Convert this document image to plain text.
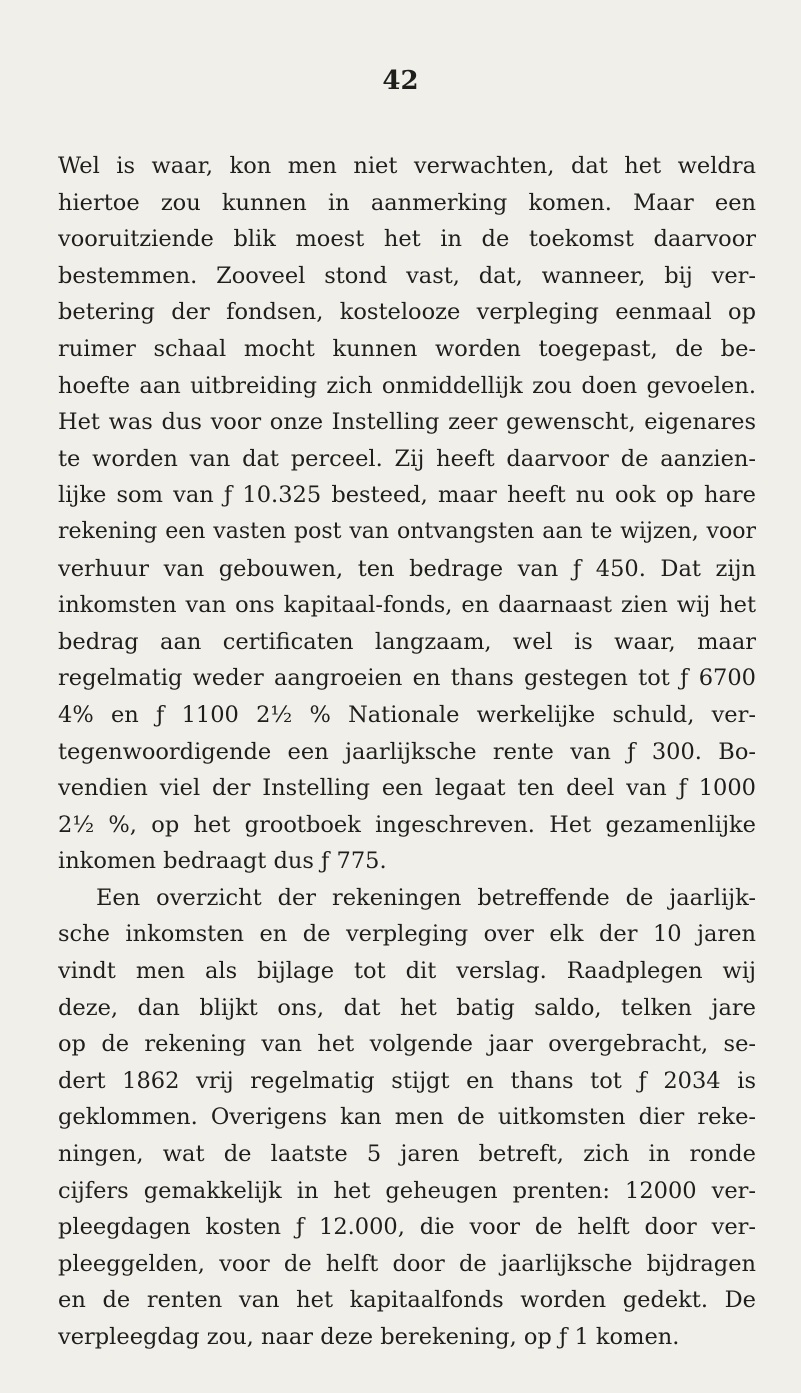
42
Wel is waar, kon men niet verwachten, dat het weldra
hiertoe zou kunnen in aanmerking komen. Maar een
vooruitziende blik moest het in de toekomst daarvoor
bestemmen. Zooveel stond vast, dat, wanneer, bij ver-
betering der fondsen, kostelooze verpleging eenmaal op
ruimer schaal mocht kunnen worden toegepast, de be-
hoefte aan uitbreiding zich onmiddellijk zou doen gevoelen.
Het was dus voor onze Instelling zeer gewenscht, eigenares
te worden van dat perceel. Zij heeft daarvoor de aanzien-
lijke som van ƒ 10.325 besteed, maar heeft nu ook op hare
rekening een vasten post van ontvangsten aan te wijzen, voor
verhuur van gebouwen, ten bedrage van ƒ 450. Dat zijn
inkomsten van ons kapitaal-fonds, en daarnaast zien wij het
bedrag aan certificaten langzaam, wel is waar, maar
regelmatig weder aangroeien en thans gestegen tot ƒ 6700
4% en ƒ 1100 2½ % Nationale werkelijke schuld, ver-
tegenwoordigende een jaarlijksche rente van ƒ 300. Bo-
vendien viel der Instelling een legaat ten deel van ƒ 1000
2½ %, op het grootboek ingeschreven. Het gezamenlijke
inkomen bedraagt dus ƒ 775.
Een overzicht der rekeningen betreffende de jaarlijk-
sche inkomsten en de verpleging over elk der 10 jaren
vindt men als bijlage tot dit verslag. Raadplegen wij
deze, dan blijkt ons, dat het batig saldo, telken jare
op de rekening van het volgende jaar overgebracht, se-
dert 1862 vrij regelmatig stijgt en thans tot ƒ 2034 is
geklommen. Overigens kan men de uitkomsten dier reke-
ningen, wat de laatste 5 jaren betreft, zich in ronde
cijfers gemakkelijk in het geheugen prenten: 12000 ver-
pleegdagen kosten ƒ 12.000, die voor de helft door ver-
pleeggelden, voor de helft door de jaarlijksche bijdragen
en de renten van het kapitaalfonds worden gedekt. De
verpleegdag zou, naar deze berekening, op ƒ 1 komen.
